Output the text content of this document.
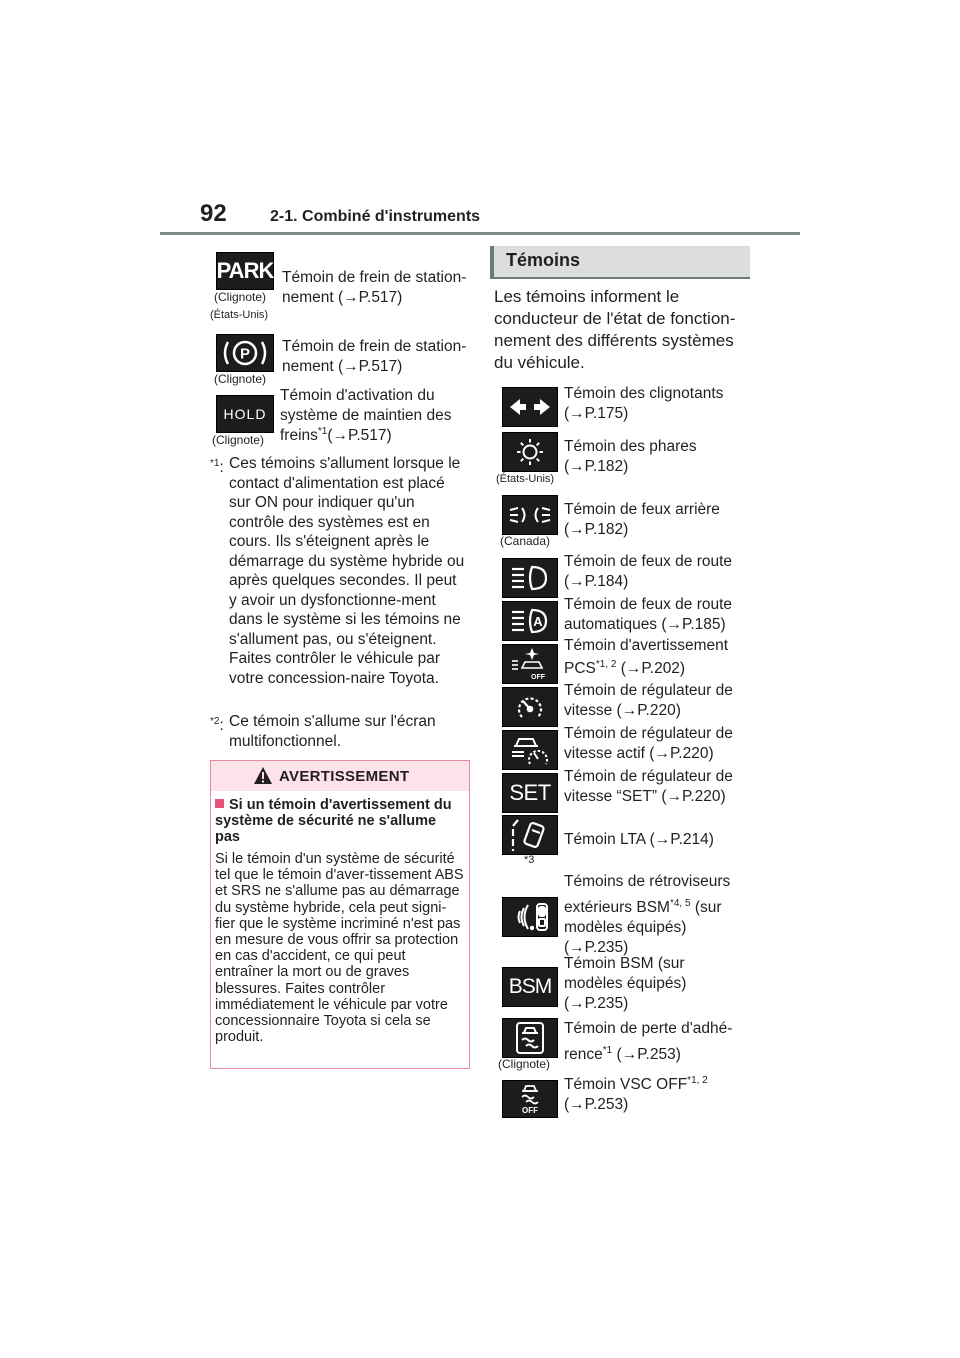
92	2-1. Combiné d'instruments
PARK
(Clignote)
(États-Unis)
Témoin de frein de station-nement (→P.517)
P
(Clignote)
Témoin de frein de station-nement (→P.517)
HOLD
(Clignote)
Témoin d'activation du
système de maintien des
freins$^{*1}$(→P.517)
$^{*1}$: Ces témoins s'allument lorsque le contact d'alimentation est placé sur ON pour indiquer qu'un contrôle des systèmes est en cours. Ils s'éteignent après le démarrage du système hybride ou après quelques secondes. Il peut y avoir un dysfonctionne-ment dans le système si les témoins ne s'allument pas, ou s'éteignent. Faites contrôler le véhicule par votre concession-naire Toyota.
$^{*2}$: Ce témoin s'allume sur l'écran multifonctionnel.
AVERTISSEMENT
Si un témoin d'avertissement du système de sécurité ne s'allume pas
Si le témoin d'un système de sécurité tel que le témoin d'aver-tissement ABS et SRS ne s'allume pas au démarrage du système hybride, cela peut signi-fier que le système incriminé n'est pas en mesure de vous offrir sa protection en cas d'accident, ce qui peut entraîner la mort ou de graves blessures. Faites contrôler immédiatement le véhicule par votre concessionnaire Toyota si cela se produit.
Témoins
Les témoins informent le conducteur de l'état de fonction-nement des différents systèmes du véhicule.
Témoin des clignotants
(→P.175)
(États-Unis)
Témoin des phares
(→P.182)
(Canada)
Témoin de feux arrière
(→P.182)
Témoin de feux de route
(→P.184)
A
Témoin de feux de route
automatiques (→P.185)
OFF
Témoin d'avertissement
PCS$^{*1, 2}$ (→P.202)
Témoin de régulateur de
vitesse (→P.220)
Témoin de régulateur de
vitesse actif (→P.220)
SET
Témoin de régulateur de
vitesse “SET” (→P.220)
*3
Témoin LTA (→P.214)
Témoins de rétroviseurs
extérieurs BSM$^{*4, 5}$ (sur
modèles équipés)
(→P.235)
BSM
Témoin BSM (sur
modèles équipés)
(→P.235)
(Clignote)
Témoin de perte d'adhé-
rence$^{*1}$ (→P.253)
OFF
Témoin VSC OFF$^{*1, 2}$
(→P.253)
